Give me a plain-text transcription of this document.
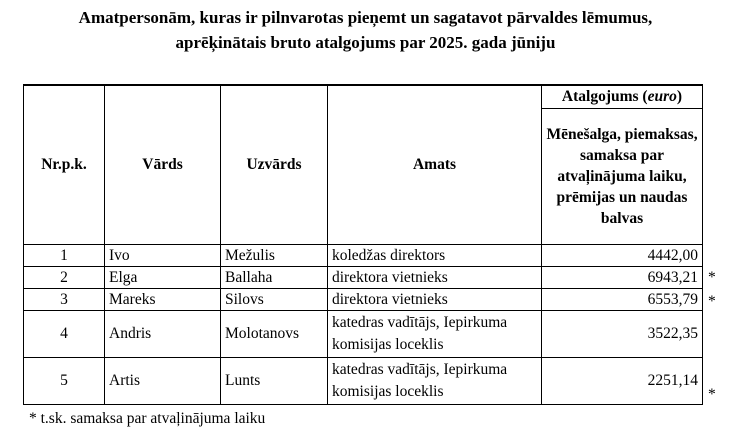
Amatpersonām, kuras ir pilnvarotas pieņemt un sagatavot pārvaldes lēmumus,
aprēķinātais bruto atalgojums par 2025. gada jūniju
Nr.p.k.	Vārds	Uzvārds	Amats	Atalgojums (euro)
				Mēnešalga, piemaksas, samaksa par atvaļinājuma laiku, prēmijas un naudas balvas
1	Ivo	Mežulis	koledžas direktors	4442,00
2	Elga	Ballaha	direktora vietnieks	6943,21
3	Mareks	Silovs	direktora vietnieks	6553,79
4	Andris	Molotanovs	katedras vadītājs, Iepirkuma komisijas loceklis	3522,35
5	Artis	Lunts	katedras vadītājs, Iepirkuma komisijas loceklis	2251,14
*
*
*
* t.sk. samaksa par atvaļinājuma laiku
